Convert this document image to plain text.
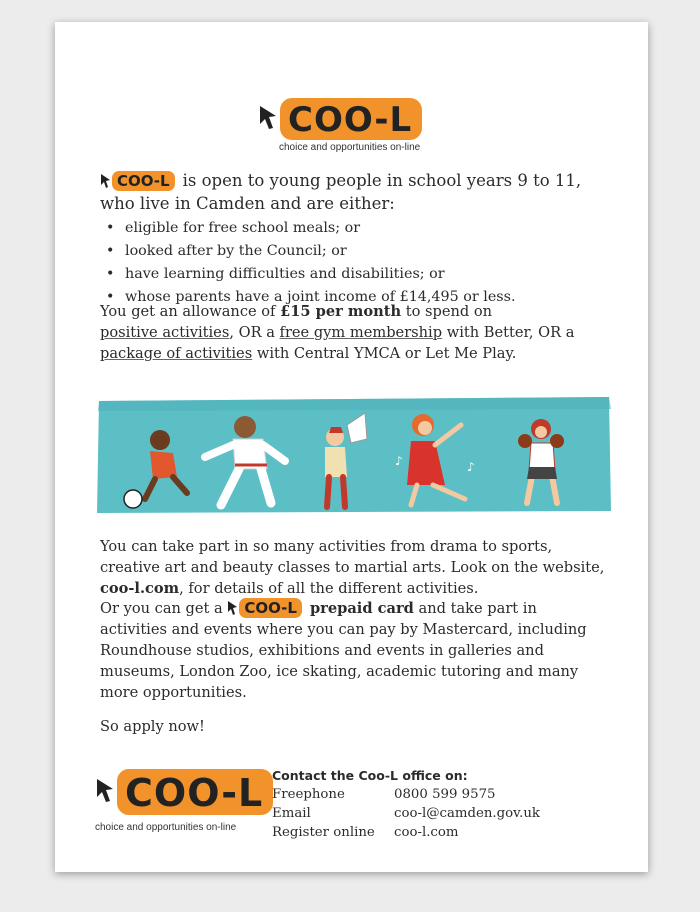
COO-L
choice and opportunities on-line
COO-L is open to young people in school years 9 to 11, who live in Camden and are either:
• eligible for free school meals; or
• looked after by the Council; or
• have learning difficulties and disabilities; or
• whose parents have a joint income of £14,495 or less.
You get an allowance of £15 per month to spend on
positive activities, OR a free gym membership with Better, OR a package of activities with Central YMCA or Let Me Play.
♪	♪
You can take part in so many activities from drama to sports, creative art and beauty classes to martial arts. Look on the website, coo-l.com, for details of all the different activities.
Or you can get a	COO-L prepaid card and take part in activities and events where you can pay by Mastercard, including Roundhouse studios, exhibitions and events in galleries and museums, London Zoo, ice skating, academic tutoring and many more opportunities.
So apply now!
COO-L
choice and opportunities on-line
Contact the Coo-L office on:
Freephone	0800 599 9575
Email	coo-l@camden.gov.uk
Register online	coo-l.com
